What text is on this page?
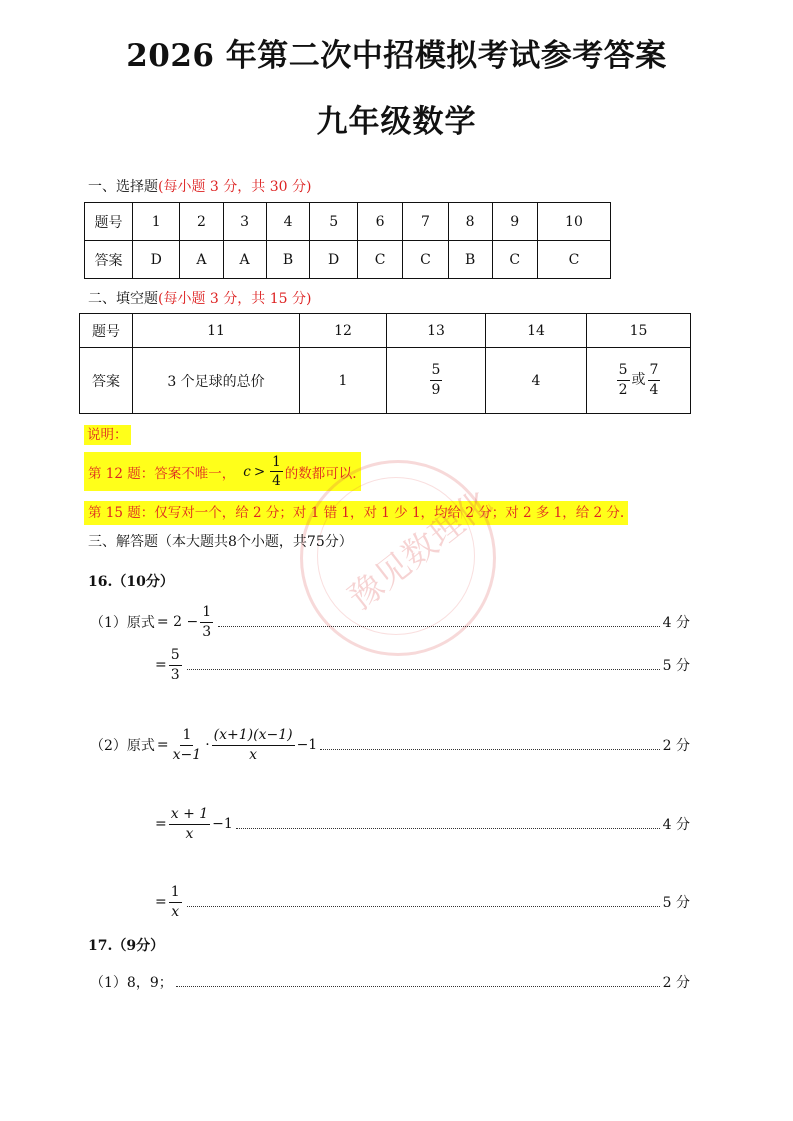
2026 年第二次中招模拟考试参考答案
九年级数学
一、选择题(每小题 3 分，共 30 分)
题号	1	2	3	4	5	6	7	8	9	10
答案	D	A	A	B	D	C	C	B	C	C
二、填空题(每小题 3 分，共 15 分)
题号	11	12	13	14	15
答案	3 个足球的总价	1	$\frac{5}{9}$	4	$\frac{5}{2}$ 或 $\frac{7}{4}$
说明：
第 12 题：答案不唯一， $c > \frac{1}{4}$ 的数都可以.
第 15 题：仅写对一个，给 2 分；对 1 错 1，对 1 少 1，均给 2 分；对 2 多 1，给 2 分.
豫见数理化
三、解答题（本大题共8个小题，共75分）
16.（10分）
（1）原式 = $2 - \frac{1}{3}$	4 分
= $\frac{5}{3}$	5 分
（2）原式 = $\frac{1}{x-1} \cdot \frac{(x+1)(x-1)}{x} -1$	2 分
= $\frac{x + 1}{x} -1$	4 分
= $\frac{1}{x}$	5 分
17.（9分）
（1）8，9；	2 分
